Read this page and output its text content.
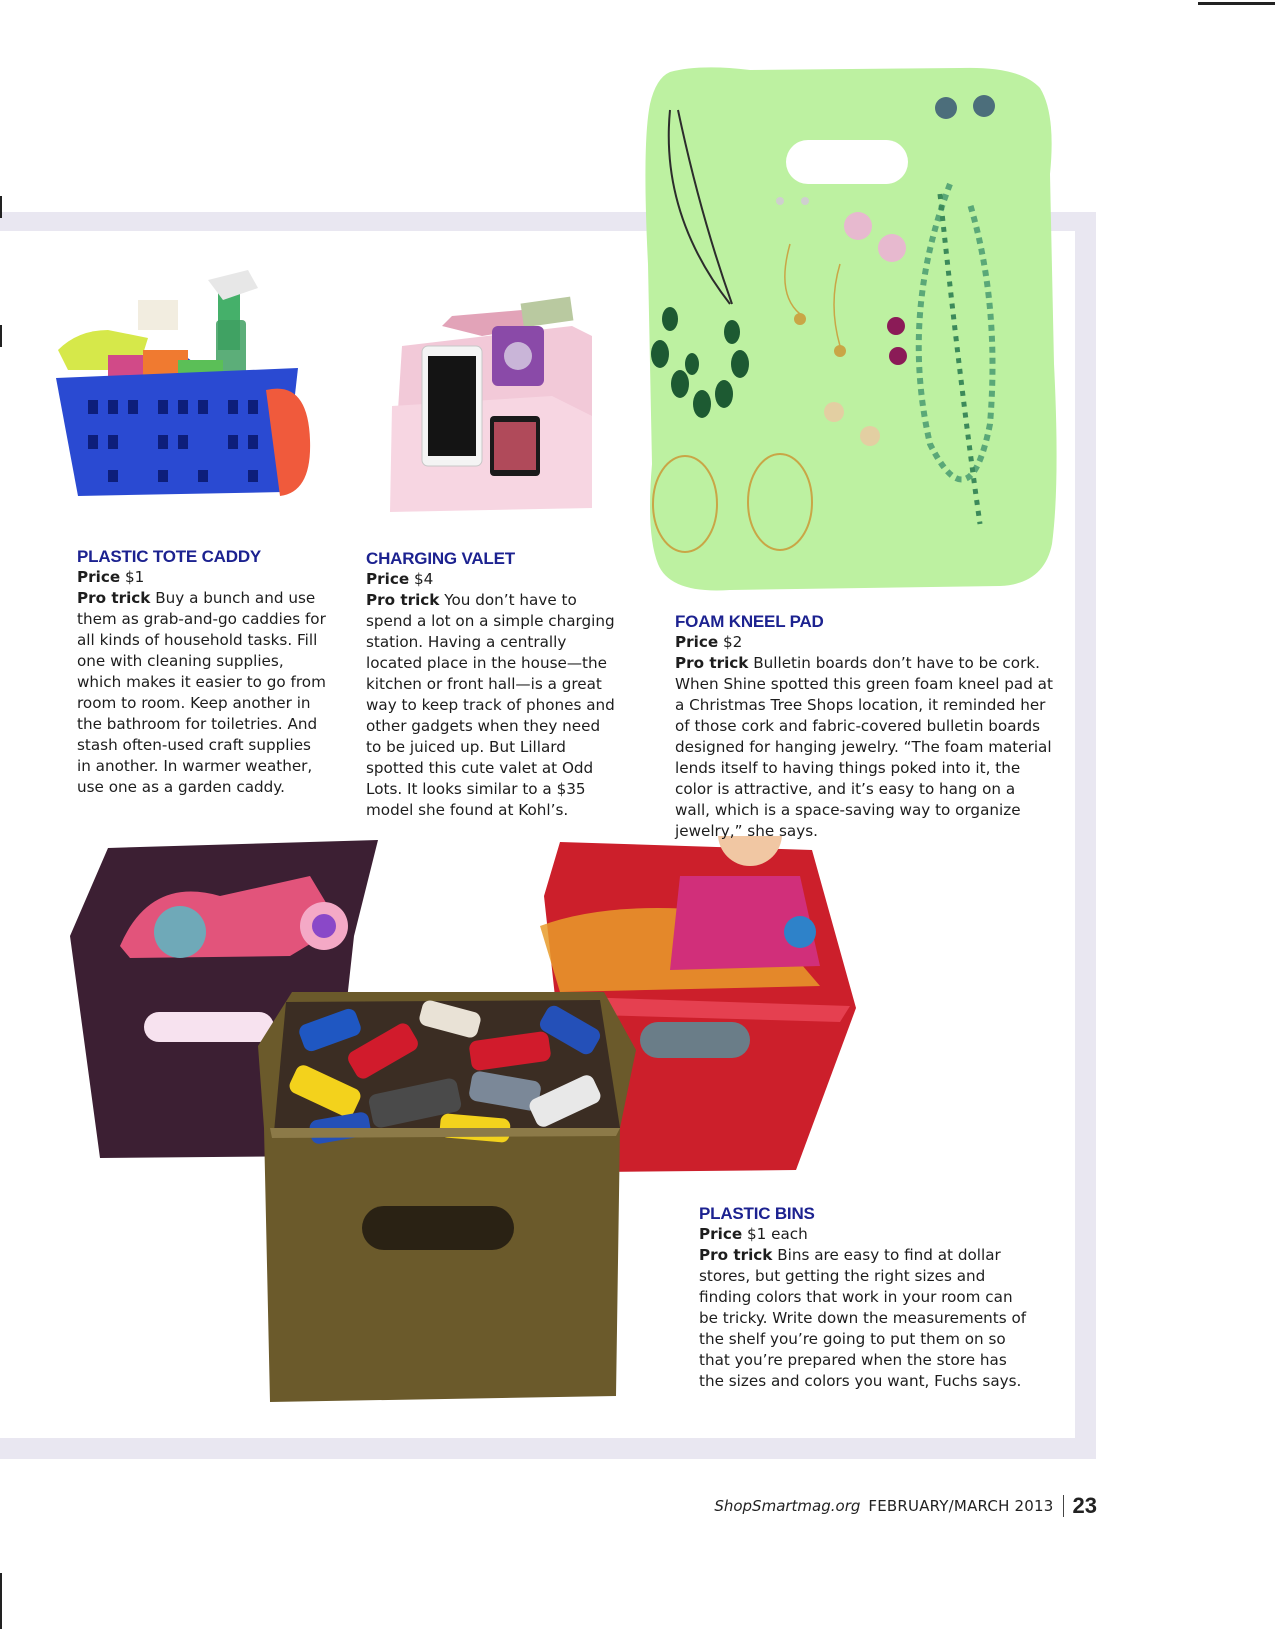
PLASTIC TOTE CADDY

Price $1

Pro trick Buy a bunch and use them as grab-and-go caddies for all kinds of household tasks. Fill one with cleaning supplies, which makes it easier to go from room to room. Keep another in the bathroom for toiletries. And stash often-used craft supplies in another. In warmer weather, use one as a garden caddy.

CHARGING VALET

Price $4

Pro trick You don’t have to spend a lot on a simple charging station. Having a centrally located place in the house—the kitchen or front hall—is a great way to keep track of phones and other gadgets when they need to be juiced up. But Lillard spotted this cute valet at Odd Lots. It looks similar to a $35 model she found at Kohl’s.

FOAM KNEEL PAD

Price $2

Pro trick Bulletin boards don’t have to be cork. When Shine spotted this green foam kneel pad at a Christmas Tree Shops location, it reminded her of those cork and fabric-covered bulletin boards designed for hanging jewelry. “The foam material lends itself to having things poked into it, the color is attractive, and it’s easy to hang on a wall, which is a space-saving way to organize jewelry,” she says.

PLASTIC BINS

Price $1 each

Pro trick Bins are easy to find at dollar stores, but getting the right sizes and finding colors that work in your room can be tricky. Write down the measurements of the shelf you’re going to put them on so that you’re prepared when the store has the sizes and colors you want, Fuchs says.

ShopSmartmag.org FEBRUARY/MARCH 2013 23
